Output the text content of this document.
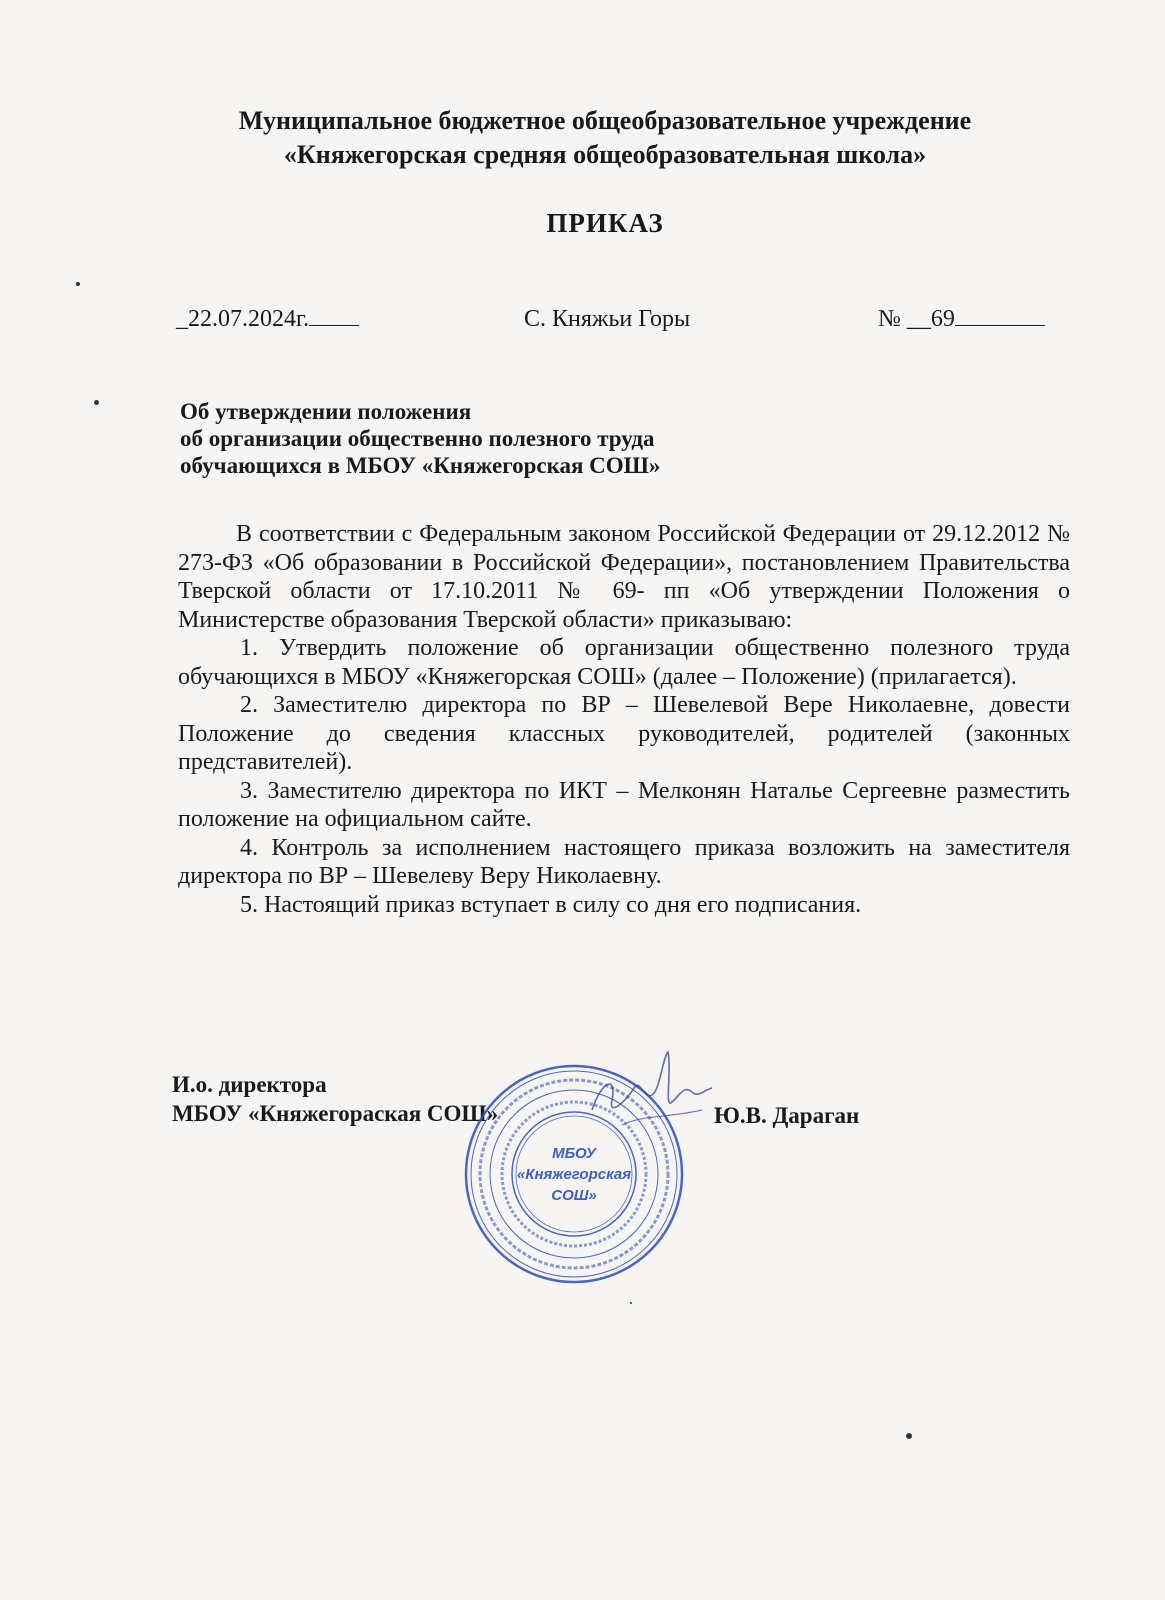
Муниципальное бюджетное общеобразовательное учреждение
«Княжегорская средняя общеобразовательная школа»
ПРИКАЗ
_22.07.2024г.	С. Княжьи Горы	№ __69
Об утверждении положения
об организации общественно полезного труда
обучающихся в МБОУ «Княжегорская СОШ»

В соответствии с Федеральным законом Российской Федерации от 29.12.2012 № 273-ФЗ «Об образовании в Российской Федерации», постановлением Правительства Тверской области от 17.10.2011 № 69- пп «Об утверждении Положения о Министерстве образования Тверской области» приказываю:

1. Утвердить положение об организации общественно полезного труда обучающихся в МБОУ «Княжегорская СОШ» (далее – Положение) (прилагается).

2. Заместителю директора по ВР – Шевелевой Вере Николаевне, довести Положение до сведения классных руководителей, родителей (законных представителей).

3. Заместителю директора по ИКТ – Мелконян Наталье Сергеевне разместить положение на официальном сайте.

4. Контроль за исполнением настоящего приказа возложить на заместителя директора по ВР – Шевелеву Веру Николаевну.

5. Настоящий приказ вступает в силу со дня его подписания.

И.о. директора
МБОУ «Княжегораская СОШ»	Ю.В. Дараган
МБОУ
«Княжегорская
СОШ»
